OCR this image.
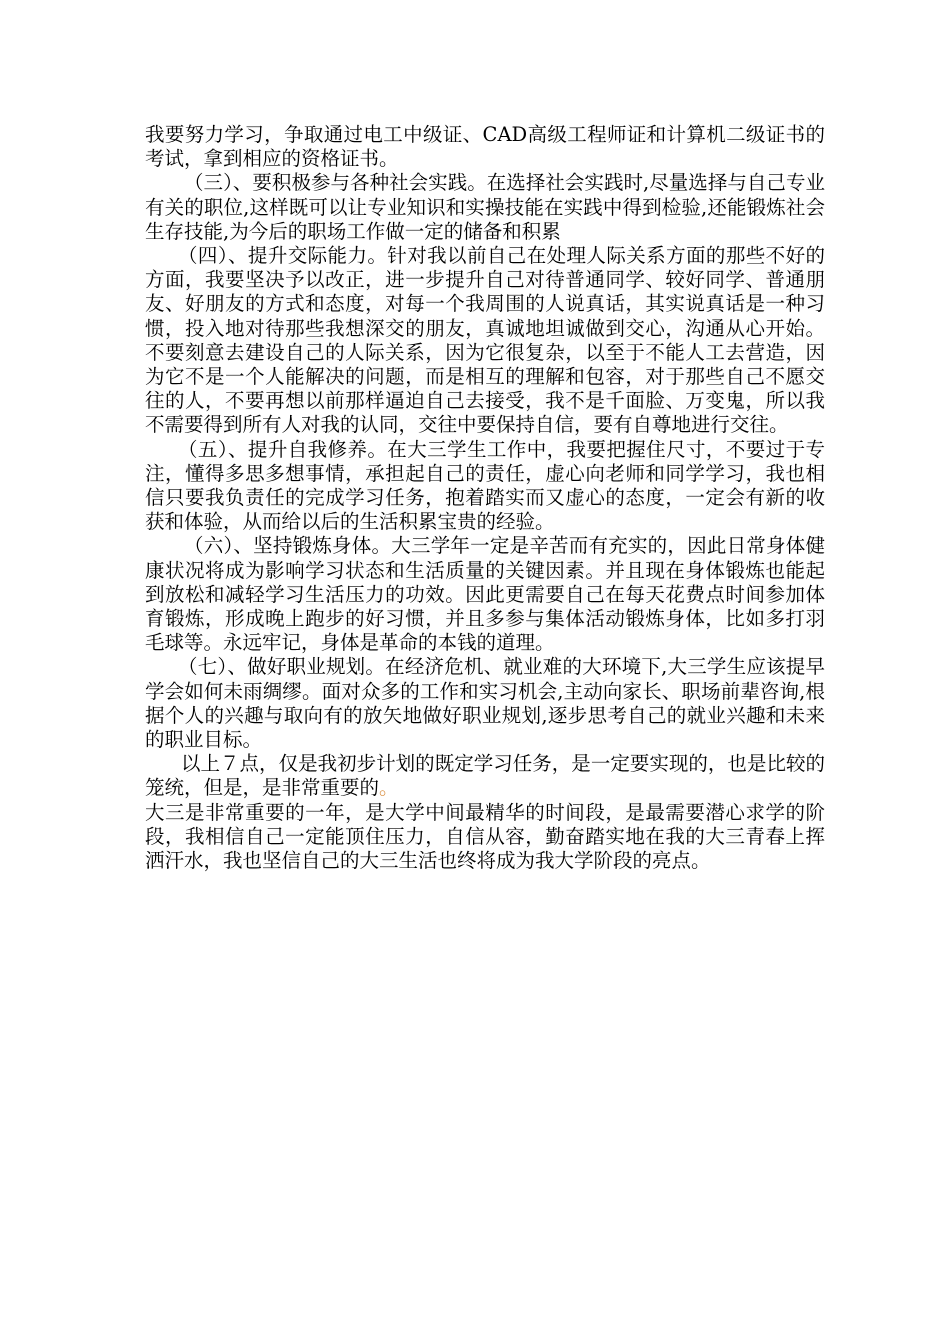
我要努力学习，争取通过电工中级证、CAD高级工程师证和计算机二级证书的考试，拿到相应的资格证书。

（三）、要积极参与各种社会实践。在选择社会实践时,尽量选择与自己专业有关的职位,这样既可以让专业知识和实操技能在实践中得到检验,还能锻炼社会生存技能,为今后的职场工作做一定的储备和积累

（四）、提升交际能力。针对我以前自己在处理人际关系方面的那些不好的方面，我要坚决予以改正，进一步提升自己对待普通同学、较好同学、普通朋友、好朋友的方式和态度，对每一个我周围的人说真话，其实说真话是一种习惯，投入地对待那些我想深交的朋友，真诚地坦诚做到交心，沟通从心开始。不要刻意去建设自己的人际关系，因为它很复杂，以至于不能人工去营造，因为它不是一个人能解决的问题，而是相互的理解和包容，对于那些自己不愿交往的人，不要再想以前那样逼迫自己去接受，我不是千面脸、万变鬼，所以我不需要得到所有人对我的认同，交往中要保持自信，要有自尊地进行交往。

（五）、提升自我修养。在大三学生工作中，我要把握住尺寸，不要过于专注，懂得多思多想事情，承担起自己的责任，虚心向老师和同学学习，我也相信只要我负责任的完成学习任务，抱着踏实而又虚心的态度，一定会有新的收获和体验，从而给以后的生活积累宝贵的经验。

（六）、坚持锻炼身体。大三学年一定是辛苦而有充实的，因此日常身体健康状况将成为影响学习状态和生活质量的关键因素。并且现在身体锻炼也能起到放松和减轻学习生活压力的功效。因此更需要自己在每天花费点时间参加体育锻炼，形成晚上跑步的好习惯，并且多参与集体活动锻炼身体，比如多打羽毛球等。永远牢记，身体是革命的本钱的道理。

（七）、做好职业规划。在经济危机、就业难的大环境下,大三学生应该提早学会如何未雨绸缪。面对众多的工作和实习机会,主动向家长、职场前辈咨询,根据个人的兴趣与取向有的放矢地做好职业规划,逐步思考自己的就业兴趣和未来的职业目标。

以上７点，仅是我初步计划的既定学习任务，是一定要实现的，也是比较的笼统，但是，是非常重要的。

大三是非常重要的一年，是大学中间最精华的时间段，是最需要潜心求学的阶段，我相信自己一定能顶住压力，自信从容，勤奋踏实地在我的大三青春上挥洒汗水，我也坚信自己的大三生活也终将成为我大学阶段的亮点。
